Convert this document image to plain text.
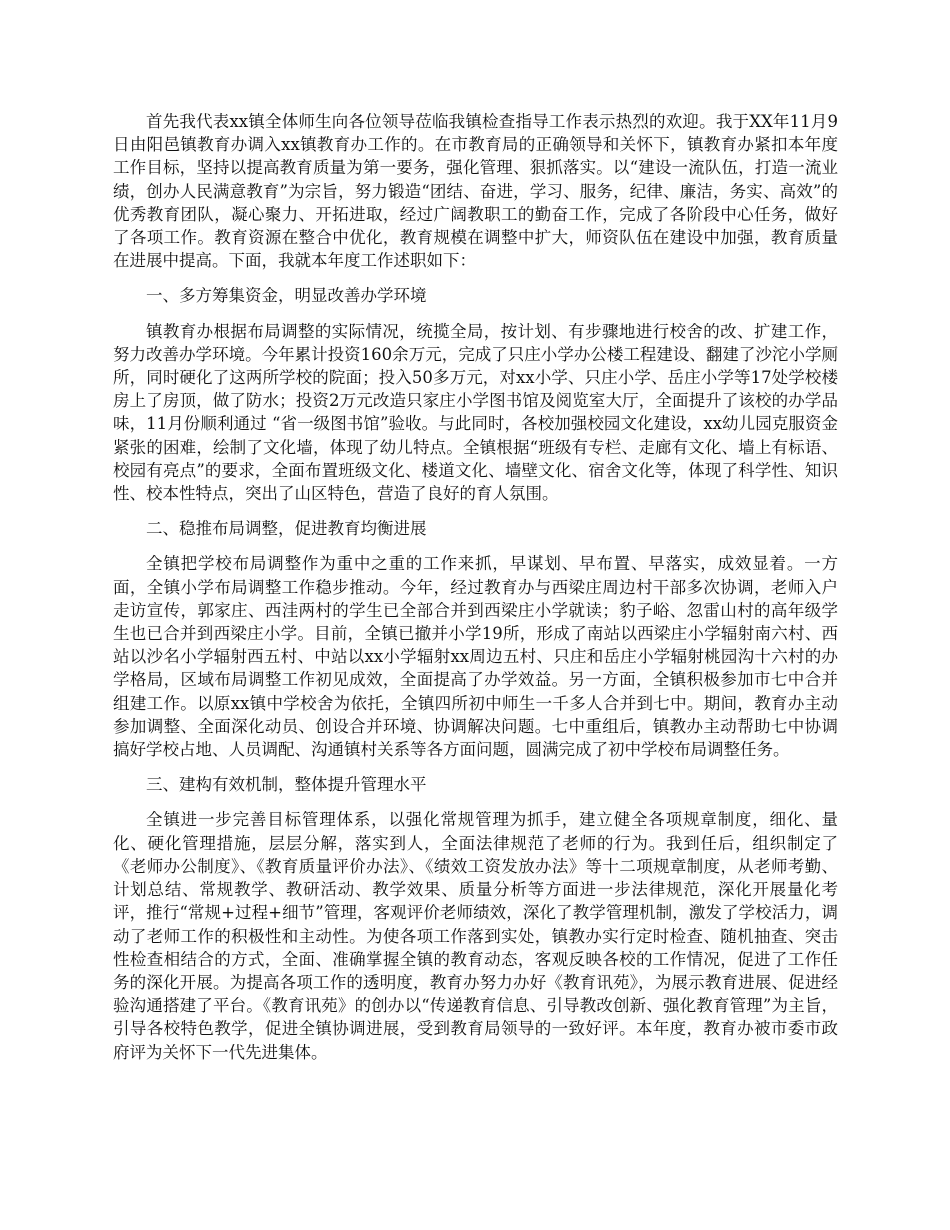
首先我代表xx镇全体师生向各位领导莅临我镇检查指导工作表示热烈的欢迎。我于XX年11月9日由阳邑镇教育办调入xx镇教育办工作的。在市教育局的正确领导和关怀下，镇教育办紧扣本年度工作目标，坚持以提高教育质量为第一要务，强化管理、狠抓落实。以“建设一流队伍，打造一流业绩，创办人民满意教育”为宗旨，努力锻造“团结、奋进，学习、服务，纪律、廉洁，务实、高效”的优秀教育团队，凝心聚力、开拓进取，经过广阔教职工的勤奋工作，完成了各阶段中心任务，做好了各项工作。教育资源在整合中优化，教育规模在调整中扩大，师资队伍在建设中加强，教育质量在进展中提高。下面，我就本年度工作述职如下：

一、多方筹集资金，明显改善办学环境

镇教育办根据布局调整的实际情况，统揽全局，按计划、有步骤地进行校舍的改、扩建工作，努力改善办学环境。今年累计投资160余万元，完成了只庄小学办公楼工程建设、翻建了沙沱小学厕所，同时硬化了这两所学校的院面；投入50多万元，对xx小学、只庄小学、岳庄小学等17处学校楼房上了房顶，做了防水；投资2万元改造只家庄小学图书馆及阅览室大厅，全面提升了该校的办学品味，11月份顺利通过 “省一级图书馆”验收。与此同时，各校加强校园文化建设，xx幼儿园克服资金紧张的困难，绘制了文化墙，体现了幼儿特点。全镇根据“班级有专栏、走廊有文化、墙上有标语、校园有亮点”的要求，全面布置班级文化、楼道文化、墙壁文化、宿舍文化等，体现了科学性、知识性、校本性特点，突出了山区特色，营造了良好的育人氛围。

二、稳推布局调整，促进教育均衡进展

全镇把学校布局调整作为重中之重的工作来抓，早谋划、早布置、早落实，成效显着。一方面，全镇小学布局调整工作稳步推动。今年，经过教育办与西梁庄周边村干部多次协调，老师入户走访宣传，郭家庄、西洼两村的学生已全部合并到西梁庄小学就读；豹子峪、忽雷山村的高年级学生也已合并到西梁庄小学。目前，全镇已撤并小学19所，形成了南站以西梁庄小学辐射南六村、西站以沙名小学辐射西五村、中站以xx小学辐射xx周边五村、只庄和岳庄小学辐射桃园沟十六村的办学格局，区域布局调整工作初见成效，全面提高了办学效益。另一方面，全镇积极参加市七中合并组建工作。以原xx镇中学校舍为依托，全镇四所初中师生一千多人合并到七中。期间，教育办主动参加调整、全面深化动员、创设合并环境、协调解决问题。七中重组后，镇教办主动帮助七中协调搞好学校占地、人员调配、沟通镇村关系等各方面问题，圆满完成了初中学校布局调整任务。

三、建构有效机制，整体提升管理水平

全镇进一步完善目标管理体系，以强化常规管理为抓手，建立健全各项规章制度，细化、量化、硬化管理措施，层层分解，落实到人，全面法律规范了老师的行为。我到任后，组织制定了《老师办公制度》、《教育质量评价办法》、《绩效工资发放办法》等十二项规章制度，从老师考勤、计划总结、常规教学、教研活动、教学效果、质量分析等方面进一步法律规范，深化开展量化考评，推行“常规+过程+细节”管理，客观评价老师绩效，深化了教学管理机制，激发了学校活力，调动了老师工作的积极性和主动性。为使各项工作落到实处，镇教办实行定时检查、随机抽查、突击性检查相结合的方式，全面、准确掌握全镇的教育动态，客观反映各校的工作情况，促进了工作任务的深化开展。为提高各项工作的透明度，教育办努力办好《教育讯苑》，为展示教育进展、促进经验沟通搭建了平台。《教育讯苑》的创办以“传递教育信息、引导教改创新、强化教育管理”为主旨，引导各校特色教学，促进全镇协调进展，受到教育局领导的一致好评。本年度，教育办被市委市政府评为关怀下一代先进集体。
